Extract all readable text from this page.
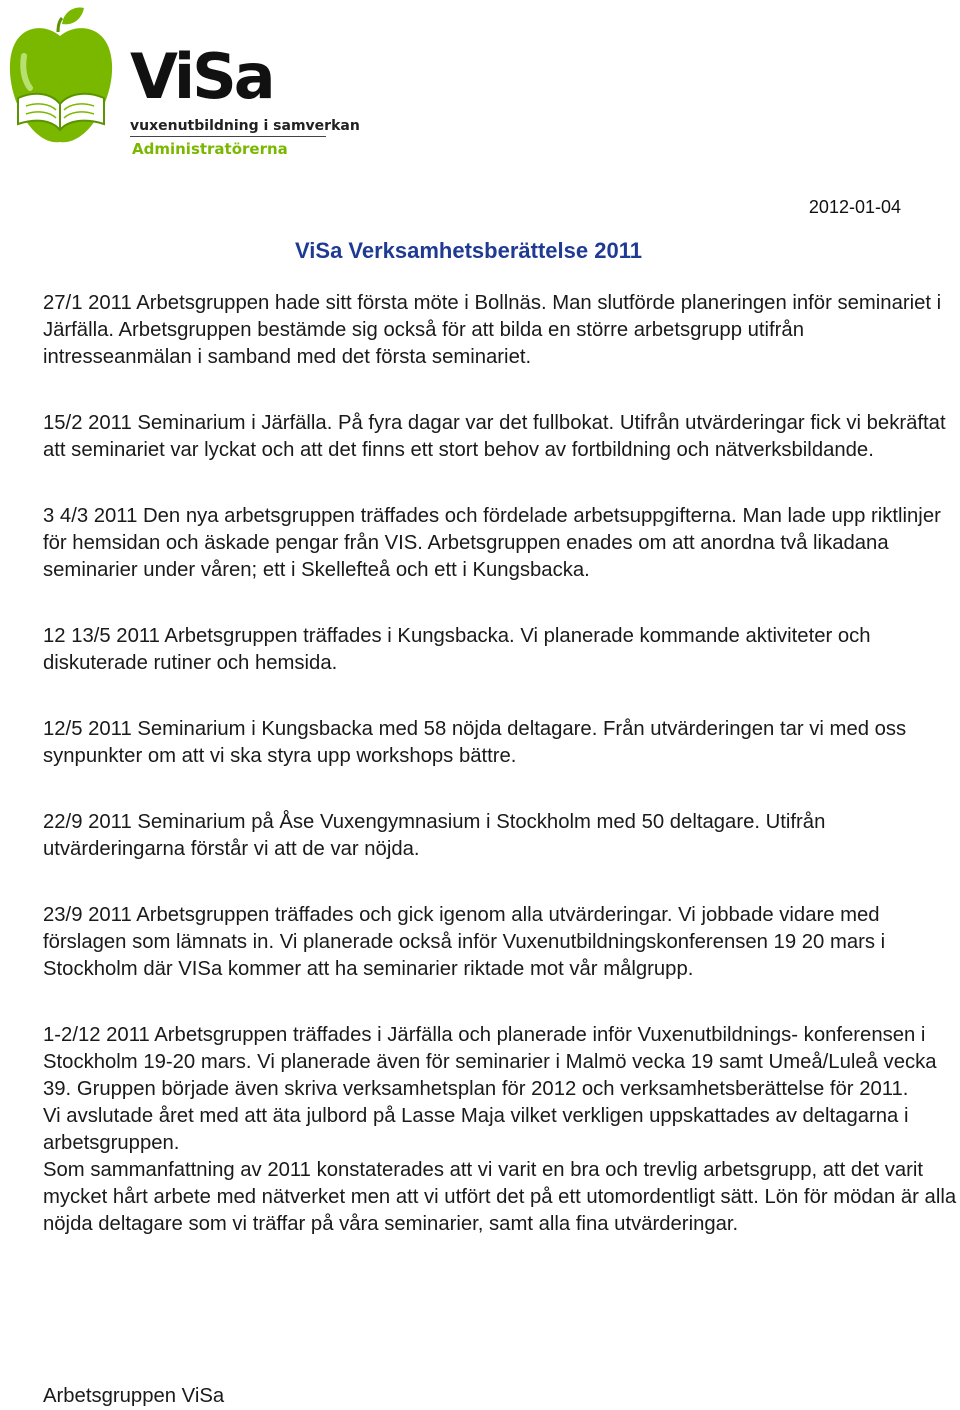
ViSa
vuxenutbildning i samverkan
Administratörerna
2012-01-04
ViSa Verksamhetsberättelse 2011

27/1 2011 Arbetsgruppen hade sitt första möte i Bollnäs. Man slutförde planeringen inför seminariet i Järfälla. Arbetsgruppen bestämde sig också för att bilda en större arbetsgrupp utifrån intresseanmälan i samband med det första seminariet.

15/2 2011 Seminarium i Järfälla. På fyra dagar var det fullbokat. Utifrån utvärderingar fick vi bekräftat att seminariet var lyckat och att det finns ett stort behov av fortbildning och nätverksbildande.

3 4/3 2011 Den nya arbetsgruppen träffades och fördelade arbetsuppgifterna. Man lade upp riktlinjer för hemsidan och äskade pengar från VIS. Arbetsgruppen enades om att anordna två likadana seminarier under våren; ett i Skellefteå och ett i Kungsbacka.

12 13/5 2011 Arbetsgruppen träffades i Kungsbacka. Vi planerade kommande aktiviteter och diskuterade rutiner och hemsida.

12/5 2011 Seminarium i Kungsbacka med 58 nöjda deltagare. Från utvärderingen tar vi med oss synpunkter om att vi ska styra upp workshops bättre.

22/9 2011 Seminarium på Åse Vuxengymnasium i Stockholm med 50 deltagare. Utifrån utvärderingarna förstår vi att de var nöjda.

23/9 2011 Arbetsgruppen träffades och gick igenom alla utvärderingar. Vi jobbade vidare med förslagen som lämnats in. Vi planerade också inför Vuxenutbildningskonferensen 19 20 mars i Stockholm där VISa kommer att ha seminarier riktade mot vår målgrupp.

1-2/12 2011 Arbetsgruppen träffades i Järfälla och planerade inför Vuxenutbildnings- konferensen i Stockholm 19-20 mars. Vi planerade även för seminarier i Malmö vecka 19 samt Umeå/Luleå vecka 39. Gruppen började även skriva verksamhetsplan för 2012 och verksamhetsberättelse för 2011.

Vi avslutade året med att äta julbord på Lasse Maja vilket verkligen uppskattades av deltagarna i arbetsgruppen.

Som sammanfattning av 2011 konstaterades att vi varit en bra och trevlig arbetsgrupp, att det varit mycket hårt arbete med nätverket men att vi utfört det på ett utomordentligt sätt. Lön för mödan är alla nöjda deltagare som vi träffar på våra seminarier, samt alla fina utvärderingar.

Arbetsgruppen ViSa
